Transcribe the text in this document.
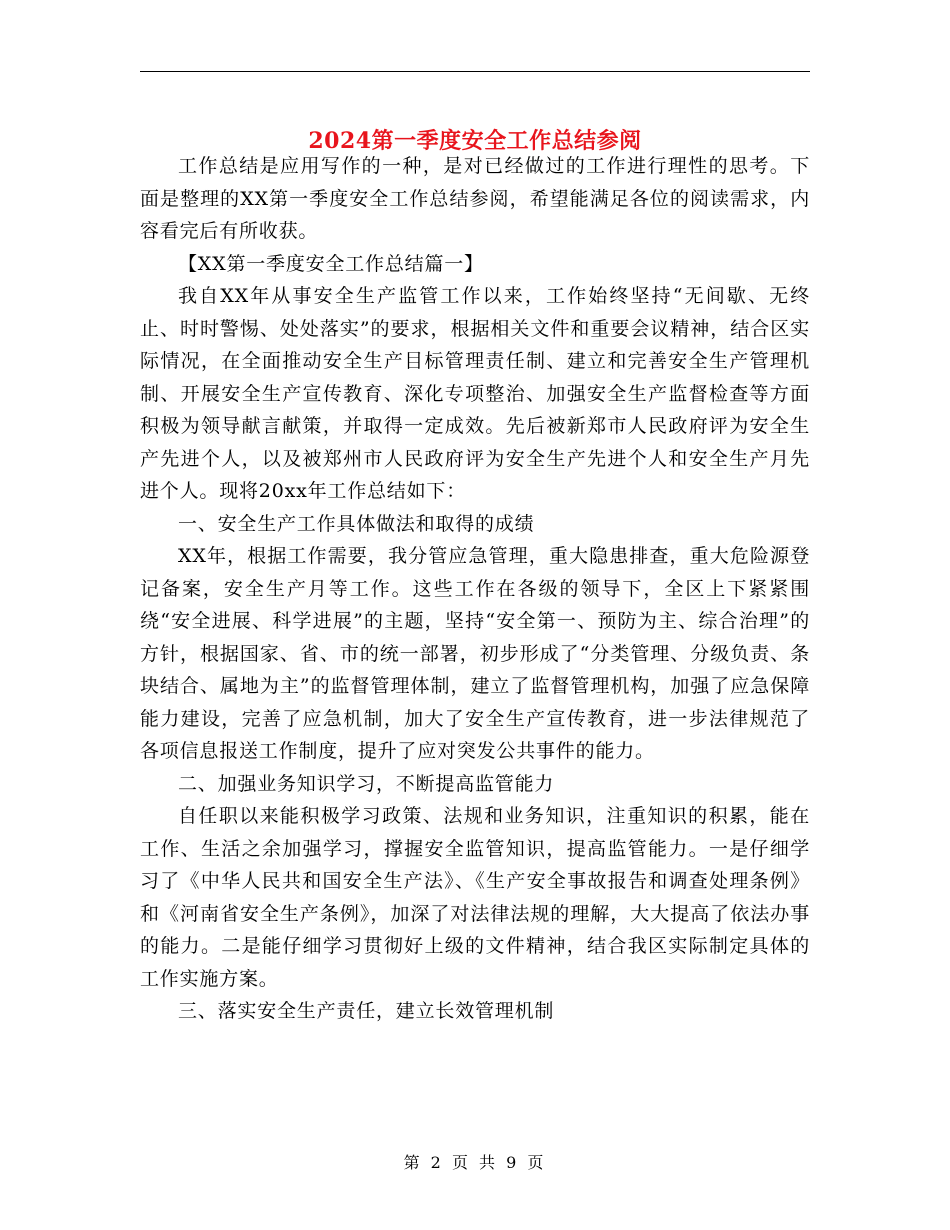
2024第一季度安全工作总结参阅

工作总结是应用写作的一种，是对已经做过的工作进行理性的思考。下面是整理的XX第一季度安全工作总结参阅，希望能满足各位的阅读需求，内容看完后有所收获。

【XX第一季度安全工作总结篇一】

我自XX年从事安全生产监管工作以来，工作始终坚持“无间歇、无终止、时时警惕、处处落实”的要求，根据相关文件和重要会议精神，结合区实际情况，在全面推动安全生产目标管理责任制、建立和完善安全生产管理机制、开展安全生产宣传教育、深化专项整治、加强安全生产监督检查等方面积极为领导献言献策，并取得一定成效。先后被新郑市人民政府评为安全生产先进个人，以及被郑州市人民政府评为安全生产先进个人和安全生产月先进个人。现将20xx年工作总结如下：

一、安全生产工作具体做法和取得的成绩

XX年，根据工作需要，我分管应急管理，重大隐患排查，重大危险源登记备案，安全生产月等工作。这些工作在各级的领导下，全区上下紧紧围绕“安全进展、科学进展”的主题，坚持“安全第一、预防为主、综合治理”的方针，根据国家、省、市的统一部署，初步形成了“分类管理、分级负责、条块结合、属地为主”的监督管理体制，建立了监督管理机构，加强了应急保障能力建设，完善了应急机制，加大了安全生产宣传教育，进一步法律规范了各项信息报送工作制度，提升了应对突发公共事件的能力。

二、加强业务知识学习，不断提高监管能力

自任职以来能积极学习政策、法规和业务知识，注重知识的积累，能在工作、生活之余加强学习，撑握安全监管知识，提高监管能力。一是仔细学习了《中华人民共和国安全生产法》、《生产安全事故报告和调查处理条例》和《河南省安全生产条例》，加深了对法律法规的理解，大大提高了依法办事的能力。二是能仔细学习贯彻好上级的文件精神，结合我区实际制定具体的工作实施方案。

三、落实安全生产责任，建立长效管理机制

第 2 页 共 9 页
